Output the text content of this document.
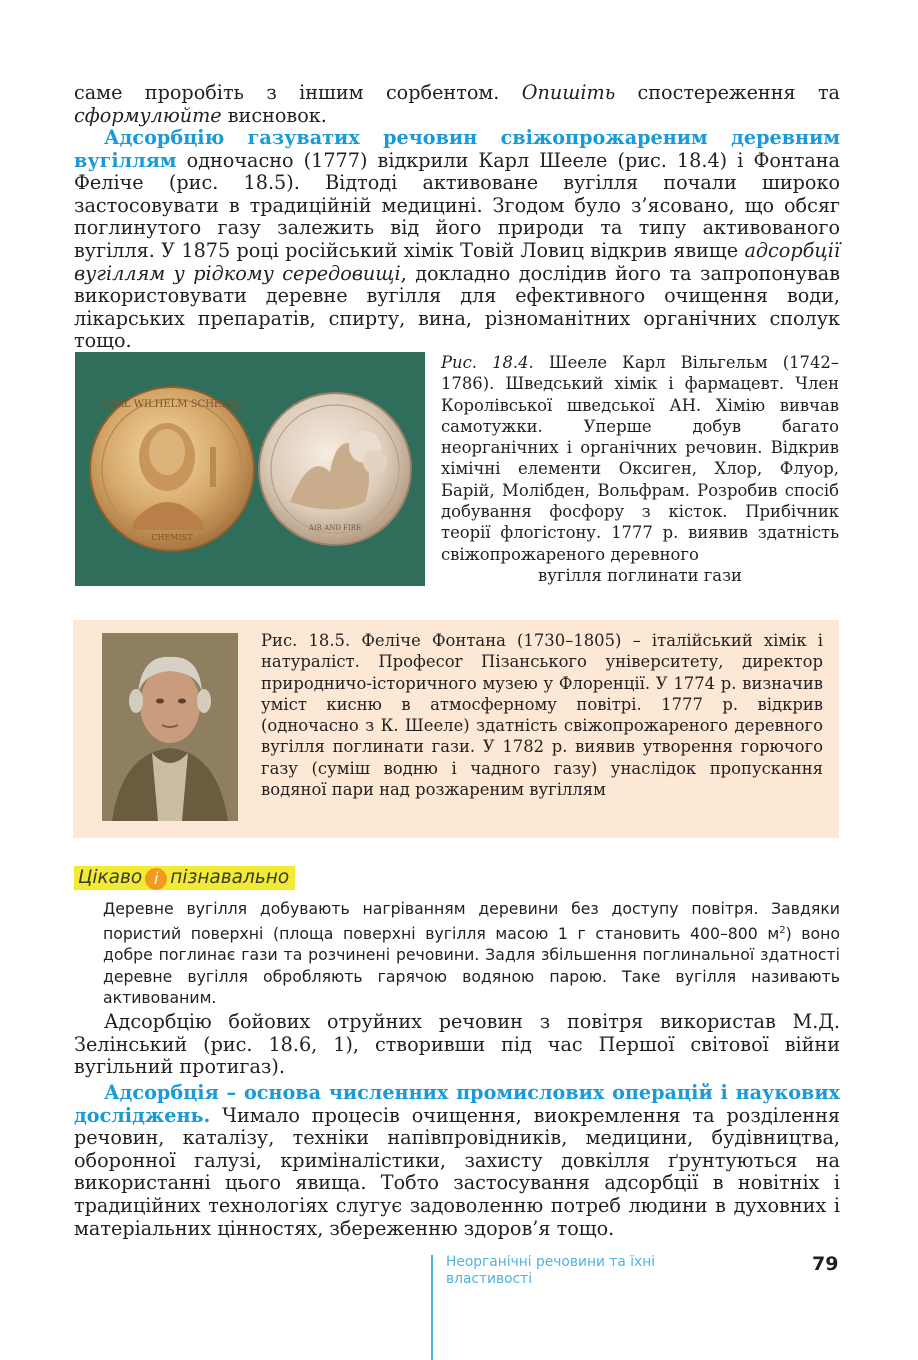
саме проробіть з іншим сорбентом. Опишіть спостереження та сформулюйте висновок.
Адсорбцію газуватих речовин свіжопрожареним деревним вугіллям одночасно (1777) відкрили Карл Шееле (рис. 18.4) і Фонтана Феліче (рис. 18.5). Відтоді активоване вугілля почали широко застосовувати в традиційній медицині. Згодом було з’ясовано, що обсяг поглинутого газу залежить від його природи та типу активованого вугілля. У 1875 році російський хімік Товій Ловиц відкрив явище адсорбції вугіллям у рідкому середовищі, докладно дослідив його та запропонував використовувати деревне вугілля для ефективного очищення води, лікарських препаратів, спирту, вина, різноманітних органічних сполук тощо.
CARL WILHELM SCHEELE
CHEMIST
AIR AND FIRE
Рис. 18.4. Шееле Карл Вільгельм (1742–1786). Шведський хімік і фармацевт. Член Королівської шведської АН. Хімію вивчав самотужки. Уперше добув багато неорганічних і органічних речовин. Відкрив хімічні елементи Оксиген, Хлор, Флуор, Барій, Молібден, Вольфрам. Розробив спосіб добування фосфору з кісток. Прибічник теорії флогістону. 1777 р. виявив здатність свіжопрожареного деревного
вугілля поглинати гази
Рис. 18.5. Феліче Фонтана (1730–1805) – італійський хімік і натураліст. Професоr Пізанського університету, директор природничо-історичного музею у Флоренції. У 1774 р. визначив уміст кисню в атмосферному повітрі. 1777 р. відкрив (одночасно з К. Шееле) здатність свіжопрожареного деревного вугілля поглинати гази. У 1782 р. виявив утворення горючого газу (суміш водню і чадного газу) унаслідок пропускання водяної пари над розжареним вугіллям
Цікаво і пізнавально
Деревне вугілля добувають нагріванням деревини без доступу повітря. Завдяки пористий поверхні (площа поверхні вугілля масою 1 г становить 400–800 $м^2$) воно добре поглинає гази та розчинені речовини. Задля збільшення поглинальної здатності деревне вугілля обробляють гарячою водяною парою. Таке вугілля називають активованим.
Адсорбцію бойових отруйних речовин з повітря використав М.Д. Зелінський (рис. 18.6, 1), створивши під час Першої світової війни вугільний протигаз).
Адсорбція – основа численних промислових операцій і наукових досліджень. Чимало процесів очищення, виокремлення та розділення речовин, каталізу, техніки напівпровідників, медицини, будівництва, оборонної галузі, криміналістики, захисту довкілля ґрунтуються на використанні цього явища. Тобто застосування адсорбції в новітніх і традиційних технологіях слугує задоволенню потреб людини в духовних і матеріальних цінностях, збереженню здоров’я тощо.
Неорганічні речовини та їхні властивості
79
